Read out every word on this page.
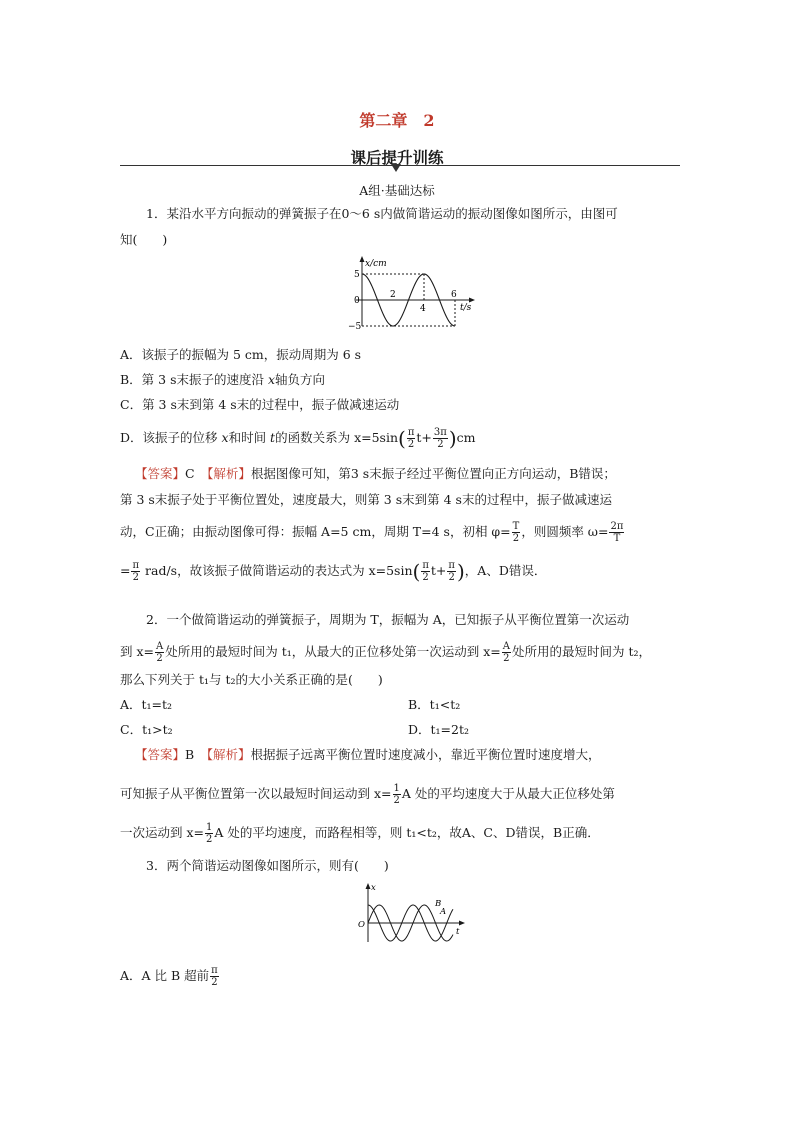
第二章　2
课后提升训练
A组·基础达标
1．某沿水平方向振动的弹簧振子在0～6 s内做简谐运动的振动图像如图所示，由图可
知(　　)
x/cm
t/s
5
0
−5
2
4
6
A．该振子的振幅为 5 cm，振动周期为 6 s
B．第 3 s末振子的速度沿 x轴负方向
C．第 3 s末到第 4 s末的过程中，振子做减速运动
D．该振子的位移 x和时间 t的函数关系为 $x=5\sin( \frac{\pi}{2} t+ \frac{3\pi}{2} )cm$
【答案】C　 【解析】根据图像可知，第3 s末振子经过平衡位置向正方向运动，B错误；
第 3 s末振子处于平衡位置处，速度最大，则第 3 s末到第 4 s末的过程中，振子做减速运
动，C正确；由振动图像可得：振幅 A=5 cm，周期 T=4 s，初相 $\varphi= \frac{T}{2}$ ，则圆频率 $\omega= \frac{2\pi}{T}$
= $\frac{\pi}{2} rad/s$，故该振子做简谐运动的表达式为 $x=5\sin( \frac{\pi}{2} t+ \frac{\pi}{2}$ )，A、D错误．
2．一个做简谐运动的弹簧振子，周期为 T，振幅为 A，已知振子从平衡位置第一次运动
到 $x= \frac{A}{2}$ 处所用的最短时间为 t₁，从最大的正位移处第一次运动到 $x= \frac{A}{2}$ 处所用的最短时间为 t₂，
那么下列关于 t₁与 t₂的大小关系正确的是(　　)
A．t₁=t₂	B．t₁<t₂
C．t₁>t₂	D．t₁=2t₂
【答案】B　 【解析】根据振子远离平衡位置时速度减小，靠近平衡位置时速度增大，
可知振子从平衡位置第一次以最短时间运动到 $x= \frac{1}{2}$ A 处的平均速度大于从最大正位移处第
一次运动到 $x= \frac{1}{2}$ A 处的平均速度，而路程相等，则 t₁<t₂，故A、C、D错误，B正确．
3．两个简谐运动图像如图所示，则有(　　)
x
t
O
B
A
A．A 比 B 超前 $\frac{\pi}{2}$
